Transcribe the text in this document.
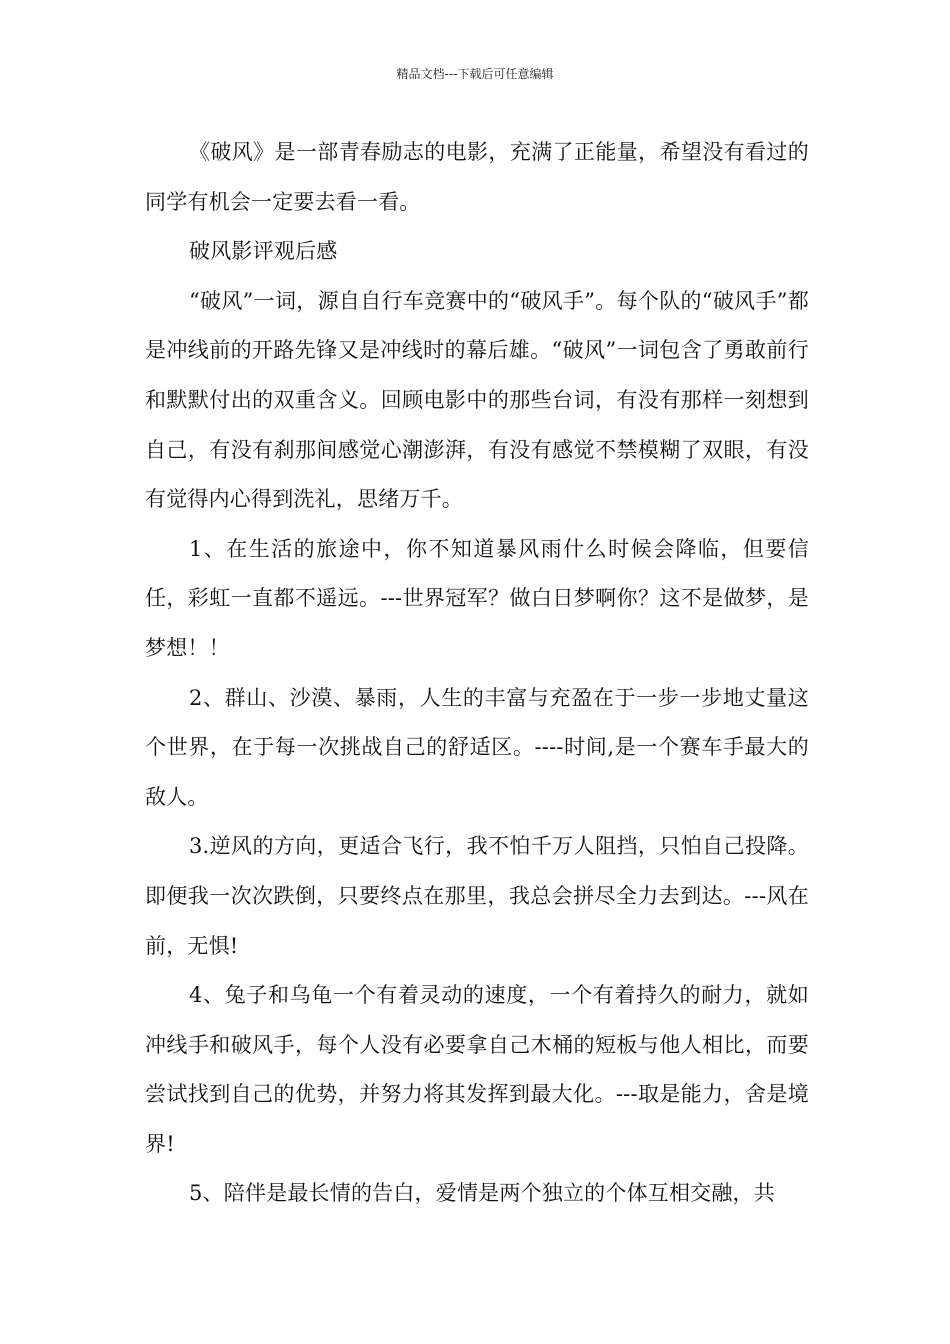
精品文档---下载后可任意编辑

《破风》是一部青春励志的电影，充满了正能量，希望没有看过的同学有机会一定要去看一看。

破风影评观后感

“破风”一词，源自自行车竞赛中的“破风手”。每个队的“破风手”都是冲线前的开路先锋又是冲线时的幕后雄。“破风”一词包含了勇敢前行和默默付出的双重含义。回顾电影中的那些台词，有没有那样一刻想到自己，有没有刹那间感觉心潮澎湃，有没有感觉不禁模糊了双眼，有没有觉得内心得到洗礼，思绪万千。

1、在生活的旅途中，你不知道暴风雨什么时候会降临，但要信任，彩虹一直都不遥远。---世界冠军？做白日梦啊你？这不是做梦，是梦想！！

2、群山、沙漠、暴雨，人生的丰富与充盈在于一步一步地丈量这个世界，在于每一次挑战自己的舒适区。----时间,是一个赛车手最大的敌人。

3.逆风的方向，更适合飞行，我不怕千万人阻挡，只怕自己投降。即便我一次次跌倒，只要终点在那里，我总会拼尽全力去到达。---风在前，无惧!

4、兔子和乌龟一个有着灵动的速度，一个有着持久的耐力，就如冲线手和破风手，每个人没有必要拿自己木桶的短板与他人相比，而要尝试找到自己的优势，并努力将其发挥到最大化。---取是能力，舍是境界!

5、陪伴是最长情的告白，爱情是两个独立的个体互相交融，共
